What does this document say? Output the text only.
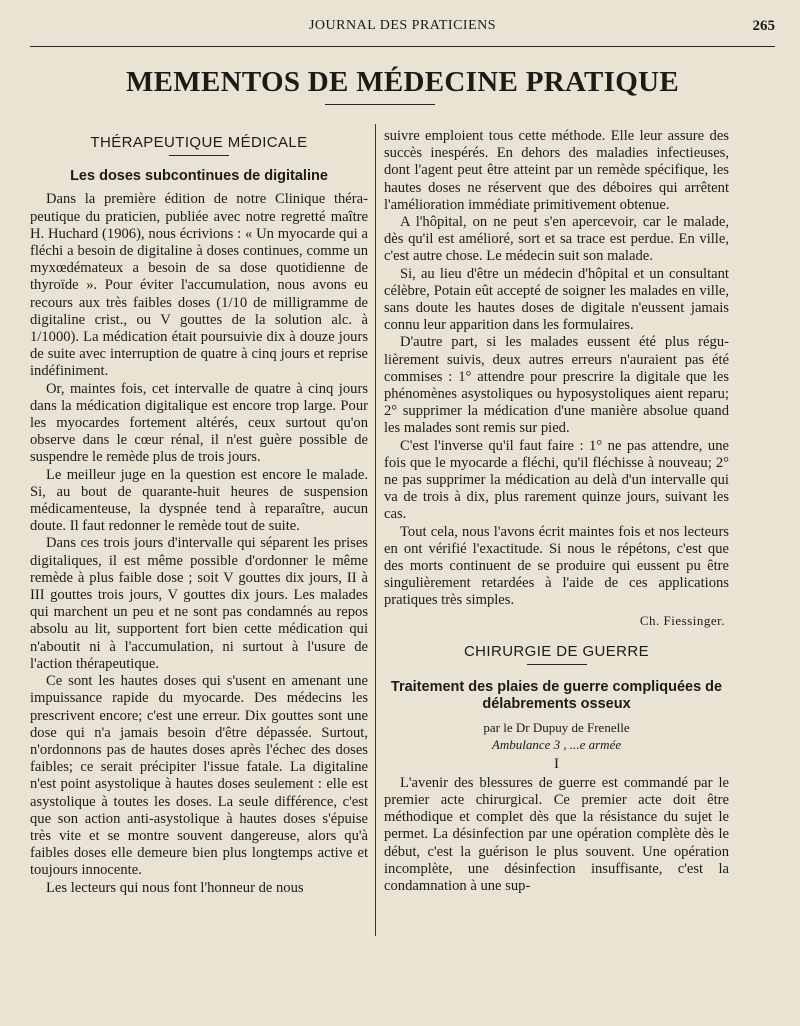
JOURNAL DES PRATICIENS	265
MEMENTOS DE MÉDECINE PRATIQUE
THÉRAPEUTIQUE MÉDICALE
Les doses subcontinues de digitaline

Dans la première édition de notre Clinique thérapeutique du praticien, publiée avec notre regretté maître H. Huchard (1906), nous écrivions : « Un myocarde qui a fléchi a besoin de digitaline à doses continues, comme un myxœdémateux a besoin de sa dose quotidienne de thyroïde ». Pour éviter l'accumulation, nous avons eu recours aux très faibles doses (1/10 de milligramme de digitaline crist., ou V gouttes de la solution alc. à 1/1000). La médication était poursuivie dix à douze jours de suite avec interruption de quatre à cinq jours et reprise indéfiniment.

Or, maintes fois, cet intervalle de quatre à cinq jours dans la médication digitalique est encore trop large. Pour les myocardes fortement altérés, ceux surtout qu'on observe dans le cœur rénal, il n'est guère possible de suspendre le remède plus de trois jours.

Le meilleur juge en la question est encore le malade. Si, au bout de quarante-huit heures de suspension médicamenteuse, la dyspnée tend à reparaître, aucun doute. Il faut redonner le remède tout de suite.

Dans ces trois jours d'intervalle qui séparent les prises digitaliques, il est même possible d'ordonner le même remède à plus faible dose ; soit V gouttes dix jours, II à III gouttes trois jours, V gouttes dix jours. Les malades qui marchent un peu et ne sont pas condamnés au repos absolu au lit, supportent fort bien cette médication qui n'aboutit ni à l'accumulation, ni surtout à l'usure de l'action thérapeutique.

Ce sont les hautes doses qui s'usent en amenant une impuissance rapide du myocarde. Des médecins les prescrivent encore; c'est une erreur. Dix gouttes sont une dose qui n'a jamais besoin d'être dépassée. Surtout, n'ordonnons pas de hautes doses après l'échec des doses faibles; ce serait précipiter l'issue fatale. La digitaline n'est point asystolique à hautes doses seulement : elle est asystolique à toutes les doses. La seule différence, c'est que son action anti-asystolique à hautes doses s'épuise très vite et se montre souvent dangereuse, alors qu'à faibles doses elle demeure bien plus longtemps active et toujours innocente.

Les lecteurs qui nous font l'honneur de nous

suivre emploient tous cette méthode. Elle leur assure des succès inespérés. En dehors des maladies infectieuses, dont l'agent peut être atteint par un remède spécifique, les hautes doses ne réservent que des déboires qui arrêtent l'amélioration immédiate primitivement obtenue.

A l'hôpital, on ne peut s'en apercevoir, car le malade, dès qu'il est amélioré, sort et sa trace est perdue. En ville, c'est autre chose. Le médecin suit son malade.

Si, au lieu d'être un médecin d'hôpital et un consultant célèbre, Potain eût accepté de soigner les malades en ville, sans doute les hautes doses de digitale n'eussent jamais connu leur apparition dans les formulaires.

D'autre part, si les malades eussent été plus régulièrement suivis, deux autres erreurs n'auraient pas été commises : 1° attendre pour prescrire la digitale que les phénomènes asystoliques ou hyposystoliques aient reparu; 2° supprimer la médication d'une manière absolue quand les malades sont remis sur pied.

C'est l'inverse qu'il faut faire : 1° ne pas attendre, une fois que le myocarde a fléchi, qu'il fléchisse à nouveau; 2° ne pas supprimer la médication au delà d'un intervalle qui va de trois à dix, plus rarement quinze jours, suivant les cas.

Tout cela, nous l'avons écrit maintes fois et nos lecteurs en ont vérifié l'exactitude. Si nous le répétons, c'est que des morts continuent de se produire qui eussent pu être singulièrement retardées à l'aide de ces applications pratiques très simples.

Ch. Fiessinger.
CHIRURGIE DE GUERRE
Traitement des plaies de guerre compliquées de délabrements osseux
par le Dr Dupuy de Frenelle
Ambulance 3 , ...e armée
I

L'avenir des blessures de guerre est commandé par le premier acte chirurgical. Ce premier acte doit être méthodique et complet dès que la résistance du sujet le permet. La désinfection par une opération complète dès le début, c'est la guérison le plus souvent. Une opération incomplète, une désinfection insuffisante, c'est la condamnation à une sup-
